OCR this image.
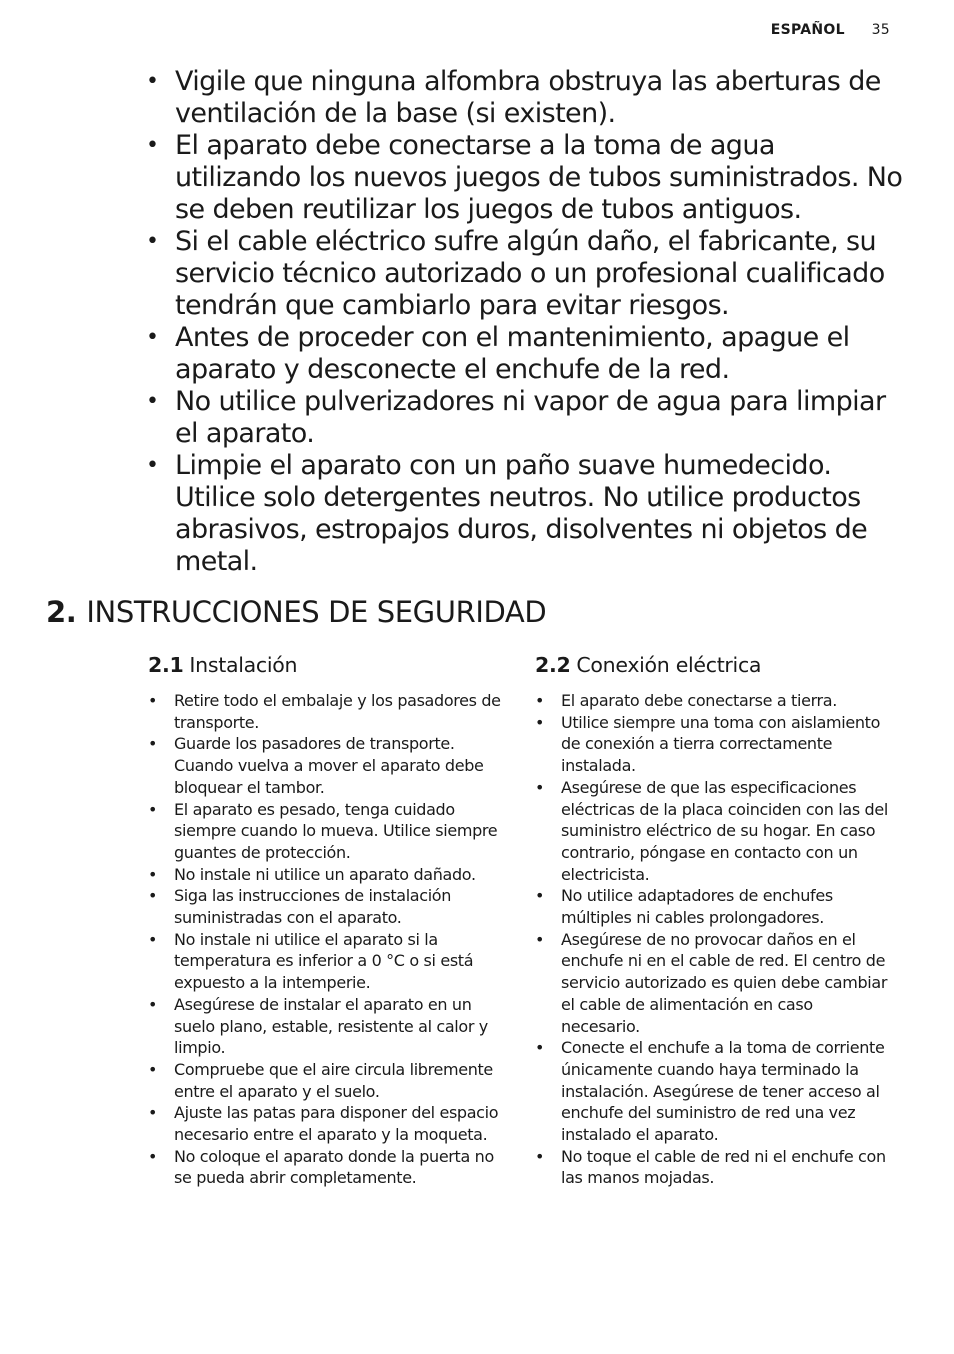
ESPAÑOL 35
• Vigile que ninguna alfombra obstruya las aberturas de ventilación de la base (si existen).
• El aparato debe conectarse a la toma de agua utilizando los nuevos juegos de tubos suministrados. No se deben reutilizar los juegos de tubos antiguos.
• Si el cable eléctrico sufre algún daño, el fabricante, su servicio técnico autorizado o un profesional cualificado tendrán que cambiarlo para evitar riesgos.
• Antes de proceder con el mantenimiento, apague el aparato y desconecte el enchufe de la red.
• No utilice pulverizadores ni vapor de agua para limpiar el aparato.
• Limpie el aparato con un paño suave humedecido. Utilice solo detergentes neutros. No utilice productos abrasivos, estropajos duros, disolventes ni objetos de metal.
2. INSTRUCCIONES DE SEGURIDAD
2.1 Instalación
• Retire todo el embalaje y los pasadores de transporte.
• Guarde los pasadores de transporte. Cuando vuelva a mover el aparato debe bloquear el tambor.
• El aparato es pesado, tenga cuidado siempre cuando lo mueva. Utilice siempre guantes de protección.
• No instale ni utilice un aparato dañado.
• Siga las instrucciones de instalación suministradas con el aparato.
• No instale ni utilice el aparato si la temperatura es inferior a 0 °C o si está expuesto a la intemperie.
• Asegúrese de instalar el aparato en un suelo plano, estable, resistente al calor y limpio.
• Compruebe que el aire circula libremente entre el aparato y el suelo.
• Ajuste las patas para disponer del espacio necesario entre el aparato y la moqueta.
• No coloque el aparato donde la puerta no se pueda abrir completamente.
2.2 Conexión eléctrica
• El aparato debe conectarse a tierra.
• Utilice siempre una toma con aislamiento de conexión a tierra correctamente instalada.
• Asegúrese de que las especificaciones eléctricas de la placa coinciden con las del suministro eléctrico de su hogar. En caso contrario, póngase en contacto con un electricista.
• No utilice adaptadores de enchufes múltiples ni cables prolongadores.
• Asegúrese de no provocar daños en el enchufe ni en el cable de red. El centro de servicio autorizado es quien debe cambiar el cable de alimentación en caso necesario.
• Conecte el enchufe a la toma de corriente únicamente cuando haya terminado la instalación. Asegúrese de tener acceso al enchufe del suministro de red una vez instalado el aparato.
• No toque el cable de red ni el enchufe con las manos mojadas.
